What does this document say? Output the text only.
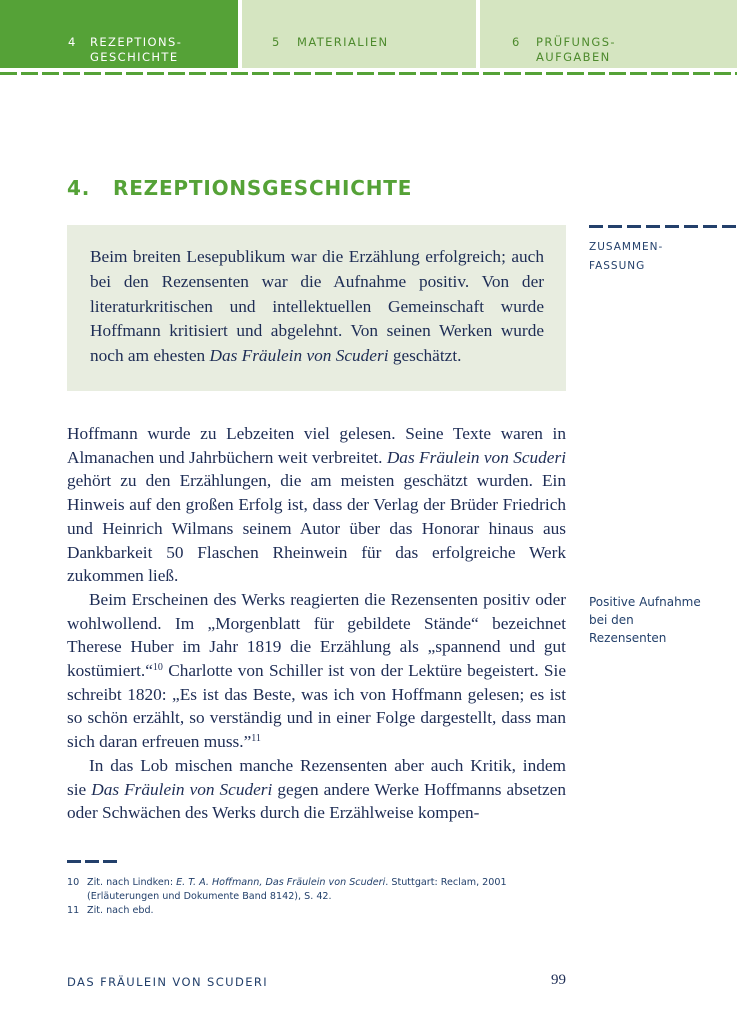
4 REZEPTIONS-
GESCHICHTE
5 MATERIALIEN	6 PRÜFUNGS-
AUFGABEN
4. REZEPTIONSGESCHICHTE

Beim breiten Lesepublikum war die Erzählung erfolgreich; auch bei den Rezensenten war die Aufnahme positiv. Von der literaturkritischen und intellektuellen Gemeinschaft wurde Hoffmann kritisiert und abgelehnt. Von seinen Werken wurde noch am ehesten Das Fräulein von Scuderi geschätzt.

ZUSAMMEN-
FASSUNG

Hoffmann wurde zu Lebzeiten viel gelesen. Seine Texte waren in Almanachen und Jahrbüchern weit verbreitet. Das Fräulein von Scuderi gehört zu den Erzählungen, die am meisten geschätzt wurden. Ein Hinweis auf den großen Erfolg ist, dass der Verlag der Brüder Friedrich und Heinrich Wilmans seinem Autor über das Honorar hinaus aus Dankbarkeit 50 Flaschen Rheinwein für das erfolgreiche Werk zukommen ließ.

Beim Erscheinen des Werks reagierten die Rezensenten positiv oder wohlwollend. Im „Morgenblatt für gebildete Stände“ bezeichnet Therese Huber im Jahr 1819 die Erzählung als „spannend und gut kostümiert.“$^{10}$ Charlotte von Schiller ist von der Lektüre begeistert. Sie schreibt 1820: „Es ist das Beste, was ich von Hoffmann gelesen; es ist so schön erzählt, so verständig und in einer Folge dargestellt, dass man sich daran erfreuen muss.”$^{11}$

In das Lob mischen manche Rezensenten aber auch Kritik, indem sie Das Fräulein von Scuderi gegen andere Werke Hoffmanns absetzen oder Schwächen des Werks durch die Erzählweise kompen-

Positive Aufnahme bei den Rezensenten
10 Zit. nach Lindken: E. T. A. Hoffmann, Das Fräulein von Scuderi. Stuttgart: Reclam, 2001 (Erläuterungen und Dokumente Band 8142), S. 42.
11 Zit. nach ebd.
DAS FRÄULEIN VON SCUDERI	99
